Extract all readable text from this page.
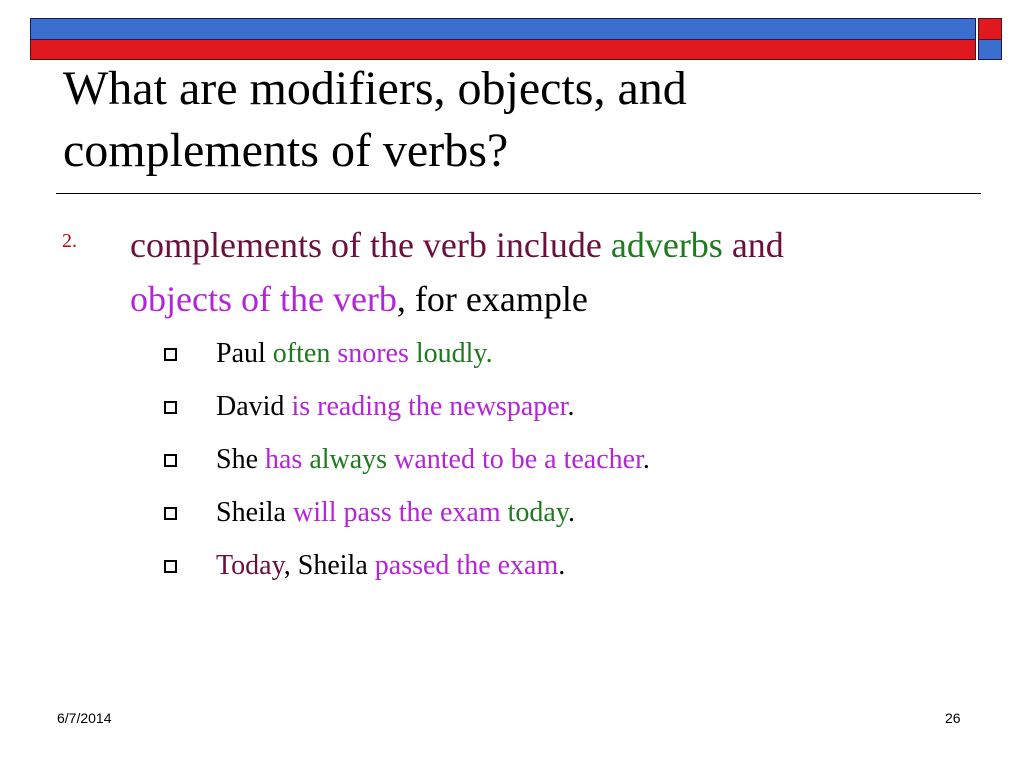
What are modifiers, objects, and
complements of verbs?
2. complements of the verb include adverbs and
objects of the verb, for example
Paul often snores loudly.
David is reading the newspaper.
She has always wanted to be a teacher.
Sheila will pass the exam today.
Today, Sheila passed the exam.
6/7/2014	26
